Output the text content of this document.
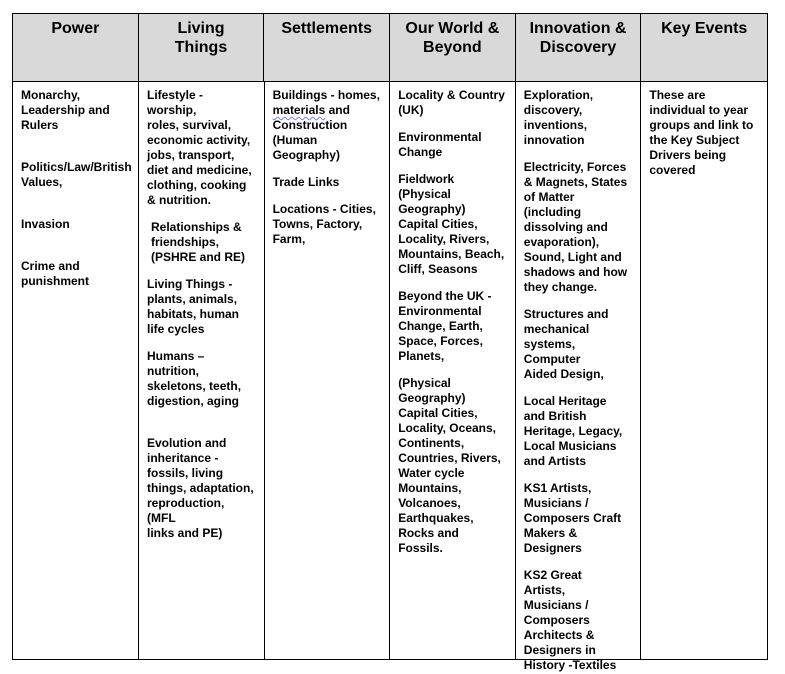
Power	Living Things
Settlements	Our World & Beyond
Innovation & Discovery
Key Events

Monarchy,
Leadership and
Rulers

Politics/Law/British
Values,

Invasion

Crime and
punishment

Lifestyle - worship,
roles, survival,
economic activity,
jobs, transport,
diet and medicine,
clothing, cooking
& nutrition.

Relationships &
friendships,
(PSHRE and RE)

Living Things -
plants, animals,
habitats, human
life cycles

Humans –
nutrition,
skeletons, teeth,
digestion, aging

Evolution and
inheritance -
fossils, living
things, adaptation,
reproduction, (MFL
links and PE)

Buildings - homes,
materials and
Construction
(Human
Geography)

Trade Links

Locations - Cities,
Towns, Factory,
Farm,

Locality & Country
(UK)

Environmental
Change

Fieldwork
(Physical
Geography)
Capital Cities,
Locality, Rivers,
Mountains, Beach,
Cliff, Seasons

Beyond the UK -
Environmental
Change, Earth,
Space, Forces,
Planets,

(Physical
Geography)
Capital Cities,
Locality, Oceans,
Continents,
Countries, Rivers,
Water cycle
Mountains,
Volcanoes,
Earthquakes,
Rocks and Fossils.

Exploration,
discovery,
inventions,
innovation

Electricity, Forces
& Magnets, States
of Matter
(including
dissolving and
evaporation),
Sound, Light and
shadows and how
they change.

Structures and
mechanical
systems, Computer
Aided Design,

Local Heritage
and British
Heritage, Legacy,
Local Musicians
and Artists

KS1 Artists,
Musicians /
Composers Craft
Makers &
Designers

KS2 Great
Artists,
Musicians /
Composers
Architects &
Designers in
History -Textiles

These are
individual to year
groups and link to
the Key Subject
Drivers being
covered
